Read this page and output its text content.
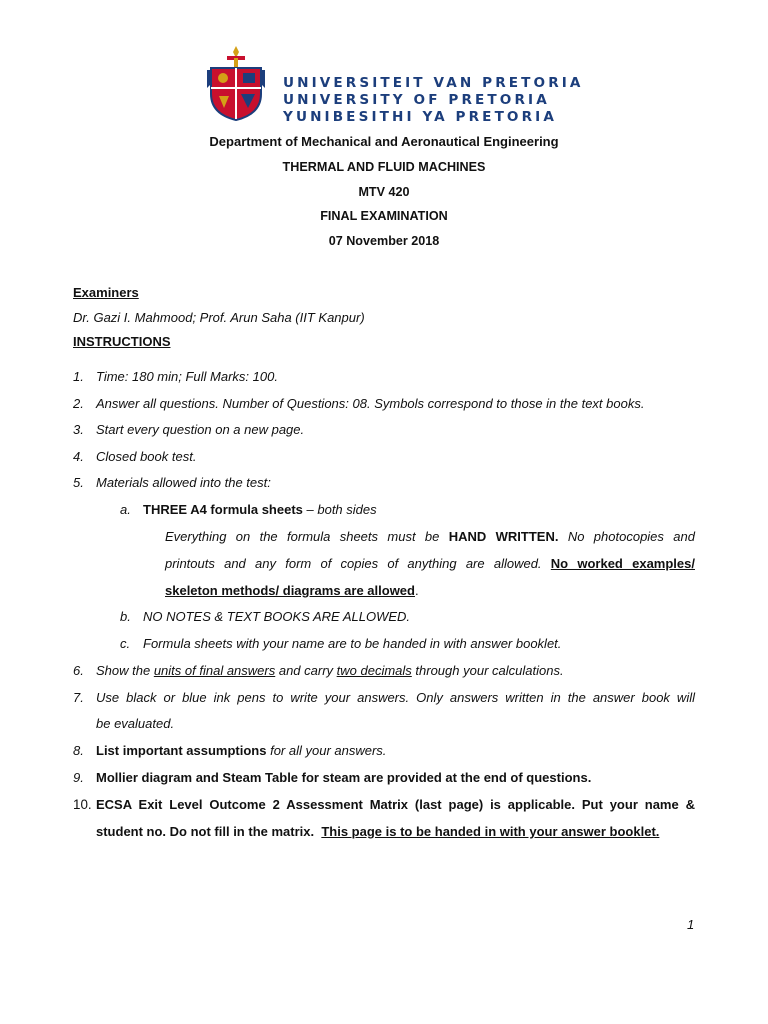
UNIVERSITEIT VAN PRETORIA
UNIVERSITY OF PRETORIA
YUNIBESITHI YA PRETORIA
Department of Mechanical and Aeronautical Engineering
THERMAL AND FLUID MACHINES
MTV 420
FINAL EXAMINATION
07 November 2018
Examiners
Dr. Gazi I. Mahmood; Prof. Arun Saha (IIT Kanpur)
INSTRUCTIONS
1. Time: 180 min; Full Marks: 100.
2. Answer all questions. Number of Questions: 08. Symbols correspond to those in the text books.
3. Start every question on a new page.
4. Closed book test.
5. Materials allowed into the test:
a. THREE A4 formula sheets – both sides
Everything on the formula sheets must be HAND WRITTEN. No photocopies and
printouts and any form of copies of anything are allowed. No worked examples/
skeleton methods/ diagrams are allowed.
b. NO NOTES & TEXT BOOKS ARE ALLOWED.
c. Formula sheets with your name are to be handed in with answer booklet.
6. Show the units of final answers and carry two decimals through your calculations.
7. Use black or blue ink pens to write your answers. Only answers written in the answer book will
be evaluated.
8. List important assumptions for all your answers.
9. Mollier diagram and Steam Table for steam are provided at the end of questions.
10. ECSA Exit Level Outcome 2 Assessment Matrix (last page) is applicable. Put your name &
student no. Do not fill in the matrix.  This page is to be handed in with your answer booklet.
1
